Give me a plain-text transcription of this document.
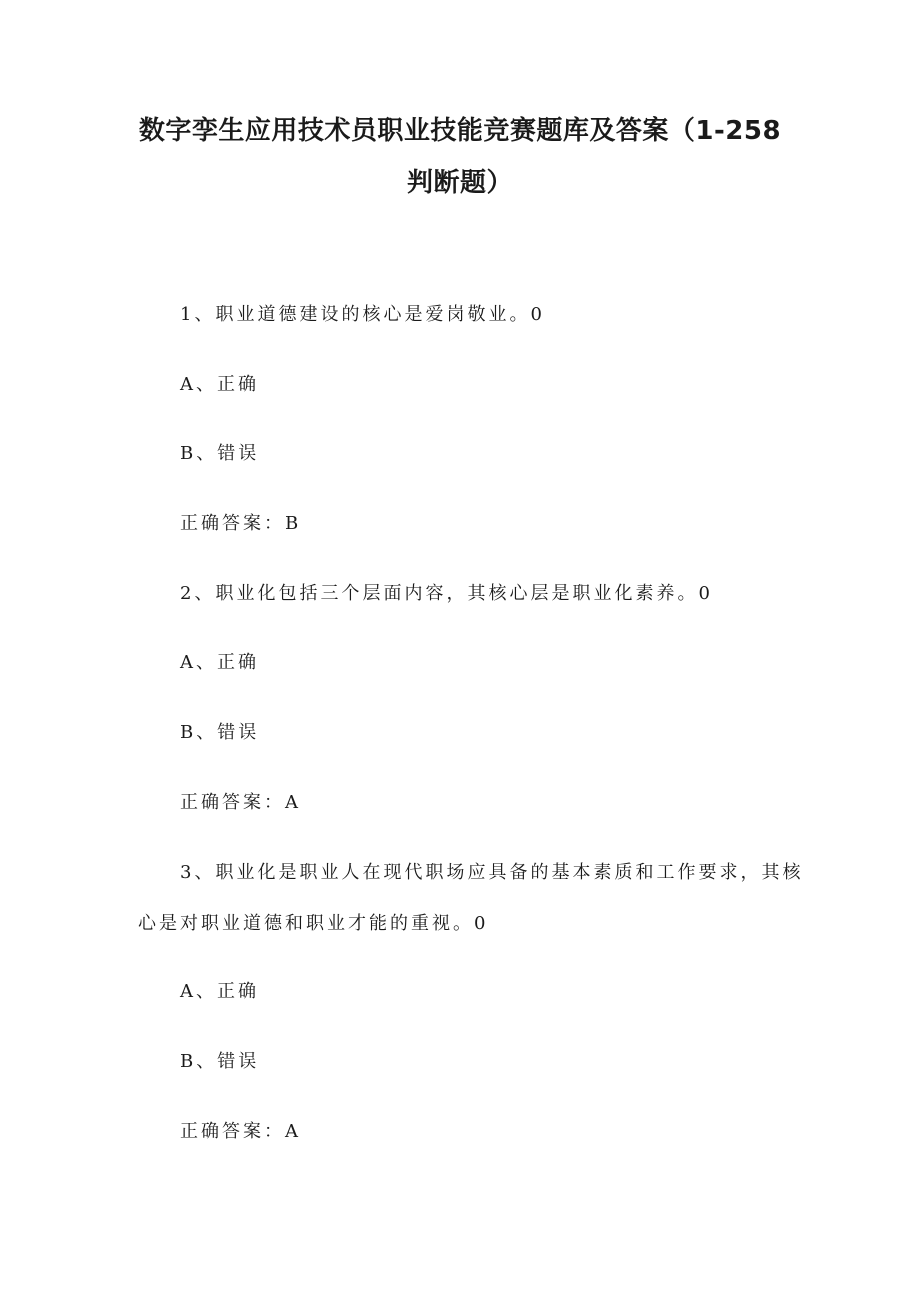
数字孪生应用技术员职业技能竞赛题库及答案（1-258
判断题）
1、职业道德建设的核心是爱岗敬业。0
A、正确
B、错误
正确答案：B
2、职业化包括三个层面内容，其核心层是职业化素养。0
A、正确
B、错误
正确答案：A
3、职业化是职业人在现代职场应具备的基本素质和工作要求，其核
心是对职业道德和职业才能的重视。0
A、正确
B、错误
正确答案：A
